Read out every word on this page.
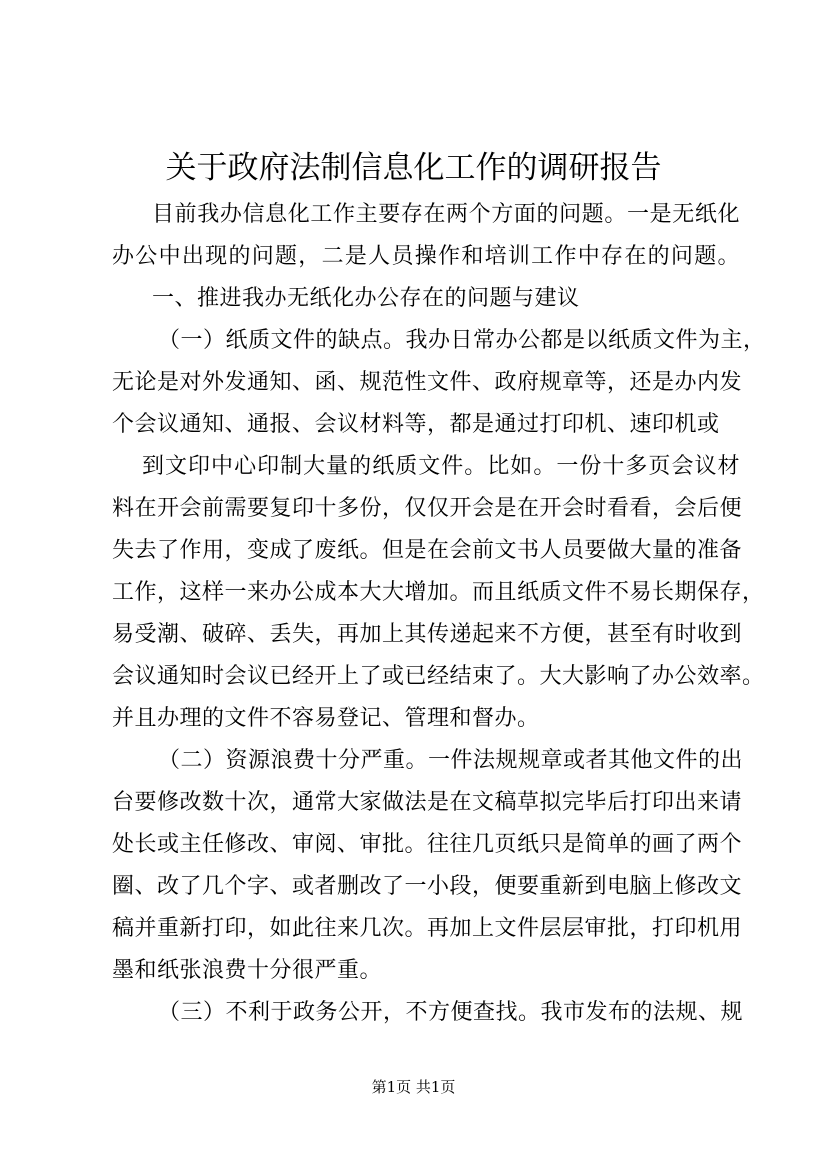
关于政府法制信息化工作的调研报告
目前我办信息化工作主要存在两个方面的问题。一是无纸化
办公中出现的问题，二是人员操作和培训工作中存在的问题。
一、推进我办无纸化办公存在的问题与建议
（一）纸质文件的缺点。我办日常办公都是以纸质文件为主，
无论是对外发通知、函、规范性文件、政府规章等，还是办内发
个会议通知、通报、会议材料等，都是通过打印机、速印机或
到文印中心印制大量的纸质文件。比如。一份十多页会议材
料在开会前需要复印十多份，仅仅开会是在开会时看看，会后便
失去了作用，变成了废纸。但是在会前文书人员要做大量的准备
工作，这样一来办公成本大大增加。而且纸质文件不易长期保存，
易受潮、破碎、丢失，再加上其传递起来不方便，甚至有时收到
会议通知时会议已经开上了或已经结束了。大大影响了办公效率。
并且办理的文件不容易登记、管理和督办。
（二）资源浪费十分严重。一件法规规章或者其他文件的出
台要修改数十次，通常大家做法是在文稿草拟完毕后打印出来请
处长或主任修改、审阅、审批。往往几页纸只是简单的画了两个
圈、改了几个字、或者删改了一小段，便要重新到电脑上修改文
稿并重新打印，如此往来几次。再加上文件层层审批，打印机用
墨和纸张浪费十分很严重。
（三）不利于政务公开，不方便查找。我市发布的法规、规
第1页 共1页
